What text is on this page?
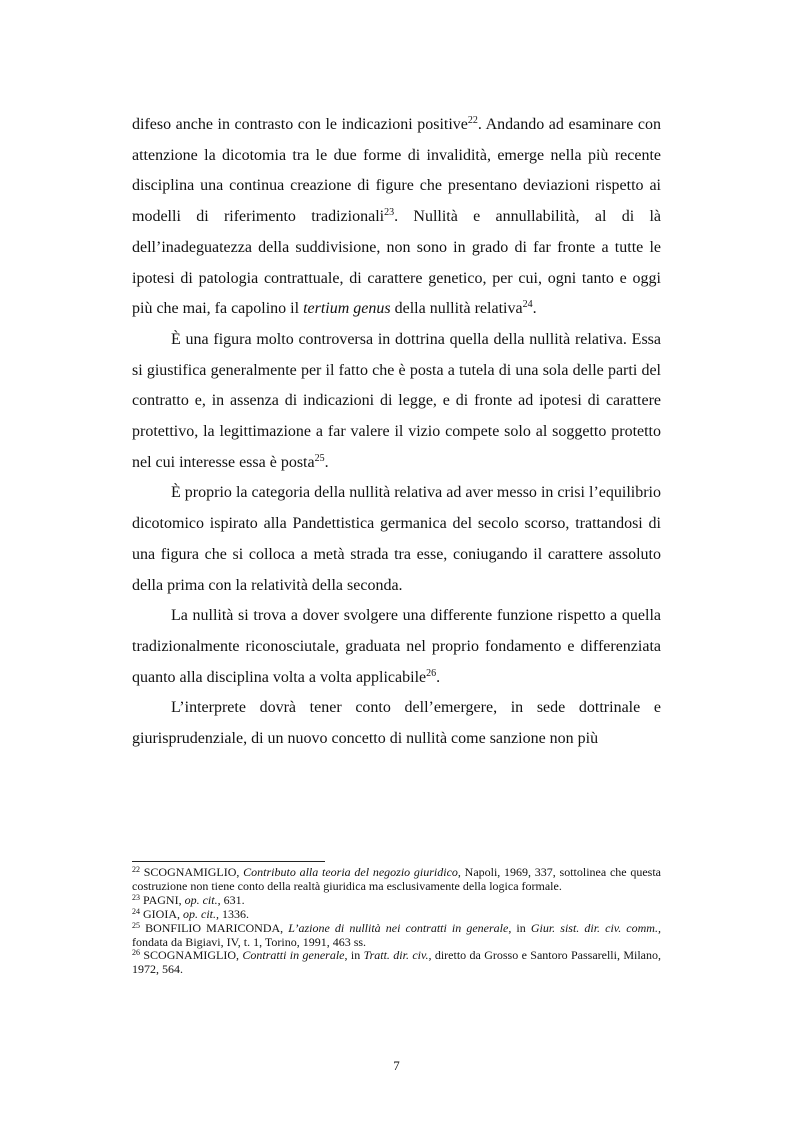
difeso anche in contrasto con le indicazioni positive$^{22}$. Andando ad esaminare con attenzione la dicotomia tra le due forme di invalidità, emerge nella più recente disciplina una continua creazione di figure che presentano deviazioni rispetto ai modelli di riferimento tradizionali$^{23}$. Nullità e annullabilità, al di là dell’inadeguatezza della suddivisione, non sono in grado di far fronte a tutte le ipotesi di patologia contrattuale, di carattere genetico, per cui, ogni tanto e oggi più che mai, fa capolino il tertium genus della nullità relativa$^{24}$.

È una figura molto controversa in dottrina quella della nullità relativa. Essa si giustifica generalmente per il fatto che è posta a tutela di una sola delle parti del contratto e, in assenza di indicazioni di legge, e di fronte ad ipotesi di carattere protettivo, la legittimazione a far valere il vizio compete solo al soggetto protetto nel cui interesse essa è posta$^{25}$.

È proprio la categoria della nullità relativa ad aver messo in crisi l’equilibrio dicotomico ispirato alla Pandettistica germanica del secolo scorso, trattandosi di una figura che si colloca a metà strada tra esse, coniugando il carattere assoluto della prima con la relatività della seconda.

La nullità si trova a dover svolgere una differente funzione rispetto a quella tradizionalmente riconosciutale, graduata nel proprio fondamento e differenziata quanto alla disciplina volta a volta applicabile$^{26}$.

L’interprete dovrà tener conto dell’emergere, in sede dottrinale e giurisprudenziale, di un nuovo concetto di nullità come sanzione non più

$^{22}$ SCOGNAMIGLIO, Contributo alla teoria del negozio giuridico, Napoli, 1969, 337, sottolinea che questa costruzione non tiene conto della realtà giuridica ma esclusivamente della logica formale.

$^{23}$ PAGNI, op. cit., 631.

$^{24}$ GIOIA, op. cit., 1336.

$^{25}$ BONFILIO MARICONDA, L’azione di nullità nei contratti in generale, in Giur. sist. dir. civ. comm., fondata da Bigiavi, IV, t. 1, Torino, 1991, 463 ss.

$^{26}$ SCOGNAMIGLIO, Contratti in generale, in Tratt. dir. civ., diretto da Grosso e Santoro Passarelli, Milano, 1972, 564.

7
